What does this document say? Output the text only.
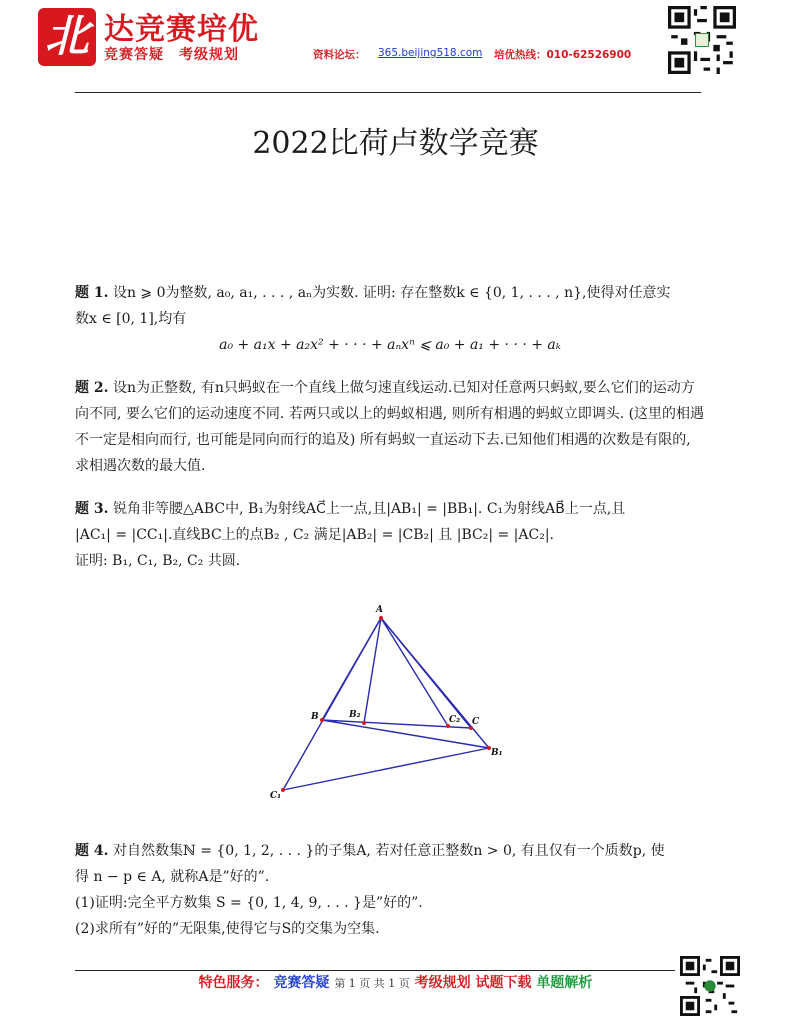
北 达竞赛培优
竞赛答疑　考级规划	资料论坛： 365.beijing518.com 培优热线：010-62526900
2022比荷卢数学竞赛
题 1. 设n ⩾ 0为整数, a₀, a₁, . . . , aₙ为实数. 证明: 存在整数k ∈ {0, 1, . . . , n},使得对任意实
数x ∈ [0, 1],均有
a₀ + a₁x + a₂x² + · · · + aₙxⁿ ⩽ a₀ + a₁ + · · · + aₖ
题 2. 设n为正整数, 有n只蚂蚁在一个直线上做匀速直线运动.已知对任意两只蚂蚁,要么它们的运动方向不同, 要么它们的运动速度不同. 若两只或以上的蚂蚁相遇, 则所有相遇的蚂蚁立即调头. (这里的相遇不一定是相向而行, 也可能是同向而行的追及) 所有蚂蚁一直运动下去.已知他们相遇的次数是有限的, 求相遇次数的最大值.
题 3. 锐角非等腰△ABC中, B₁为射线AC⃗上一点,且|AB₁| = |BB₁|. C₁为射线AB⃗上一点,且
|AC₁| = |CC₁|.直线BC上的点B₂ , C₂ 满足|AB₂| = |CB₂| 且 |BC₂| = |AC₂|.
证明: B₁, C₁, B₂, C₂ 共圆.
A
B	B₂	C₂ C
B₁
C₁
题 4. 对自然数集ℕ = {0, 1, 2, . . . }的子集A, 若对任意正整数n > 0, 有且仅有一个质数p, 使
得 n − p ∈ A, 就称A是”好的”.
(1)证明:完全平方数集 S = {0, 1, 4, 9, . . . }是”好的”.
(2)求所有”好的”无限集,使得它与S的交集为空集.
特色服务： 竞赛答疑 第 1 页 共 1 页 考级规划 试题下载 单题解析
